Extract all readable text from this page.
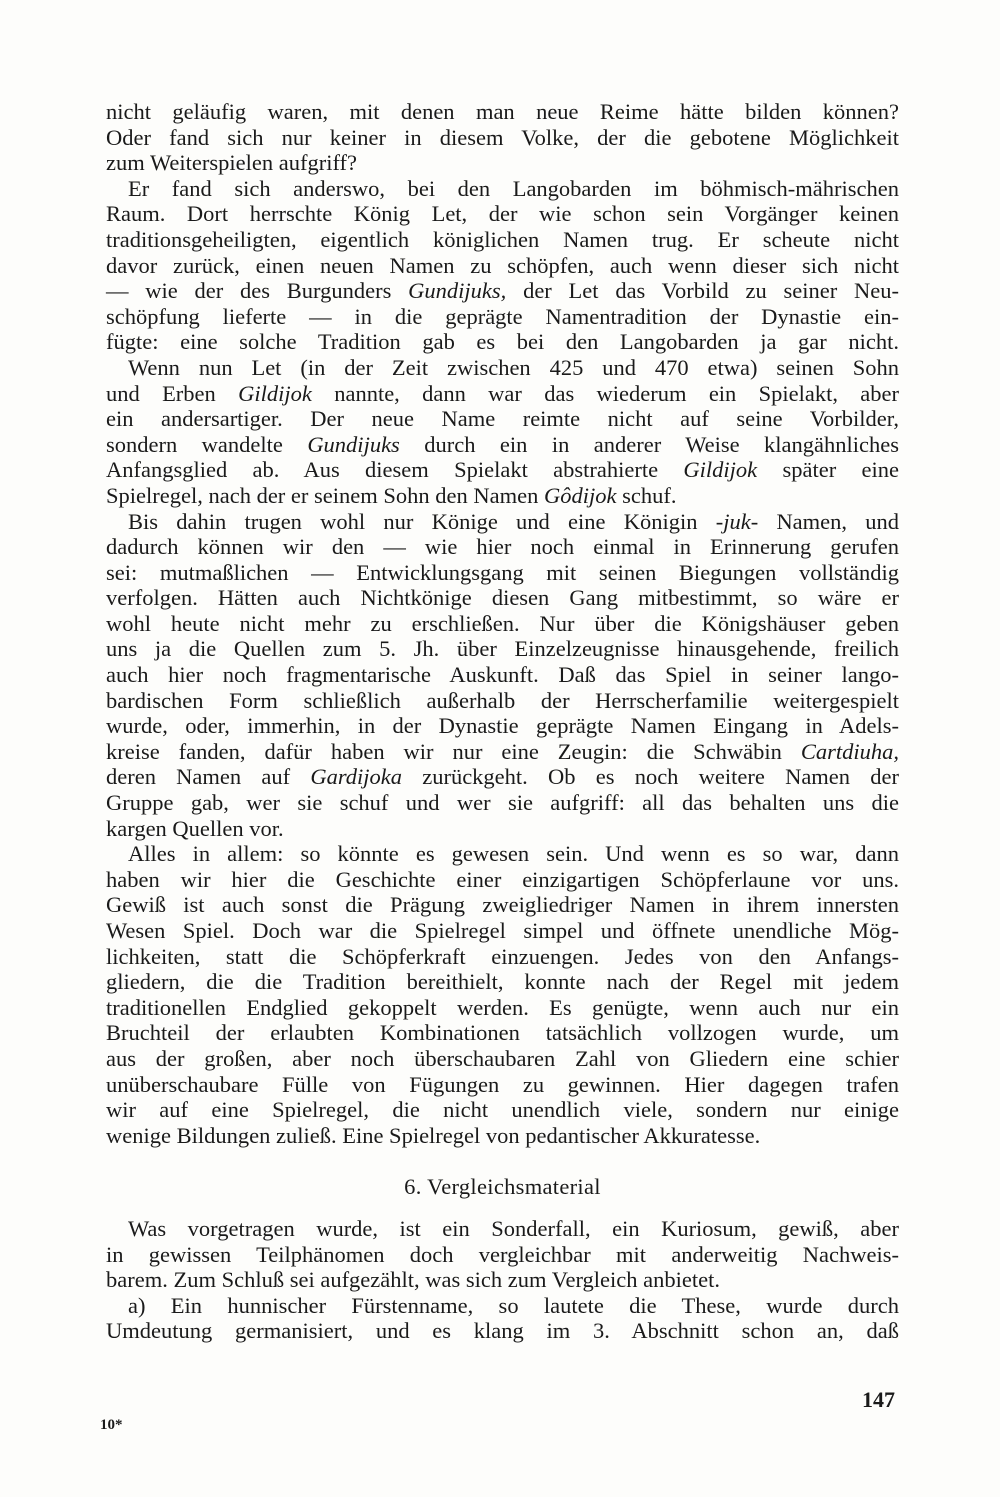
nicht geläufig waren, mit denen man neue Reime hätte bilden können?
Oder fand sich nur keiner in diesem Volke, der die gebotene Möglichkeit
zum Weiterspielen aufgriff?
Er fand sich anderswo, bei den Langobarden im böhmisch-mährischen
Raum. Dort herrschte König Let, der wie schon sein Vorgänger keinen
traditionsgeheiligten, eigentlich königlichen Namen trug. Er scheute nicht
davor zurück, einen neuen Namen zu schöpfen, auch wenn dieser sich nicht
— wie der des Burgunders Gundijuks, der Let das Vorbild zu seiner Neu-
schöpfung lieferte — in die geprägte Namentradition der Dynastie ein-
fügte: eine solche Tradition gab es bei den Langobarden ja gar nicht.
Wenn nun Let (in der Zeit zwischen 425 und 470 etwa) seinen Sohn
und Erben Gildijok nannte, dann war das wiederum ein Spielakt, aber
ein andersartiger. Der neue Name reimte nicht auf seine Vorbilder,
sondern wandelte Gundijuks durch ein in anderer Weise klangähnliches
Anfangsglied ab. Aus diesem Spielakt abstrahierte Gildijok später eine
Spielregel, nach der er seinem Sohn den Namen Gôdijok schuf.
Bis dahin trugen wohl nur Könige und eine Königin -juk- Namen, und
dadurch können wir den — wie hier noch einmal in Erinnerung gerufen
sei: mutmaßlichen — Entwicklungsgang mit seinen Biegungen vollständig
verfolgen. Hätten auch Nichtkönige diesen Gang mitbestimmt, so wäre er
wohl heute nicht mehr zu erschließen. Nur über die Königshäuser geben
uns ja die Quellen zum 5. Jh. über Einzelzeugnisse hinausgehende, freilich
auch hier noch fragmentarische Auskunft. Daß das Spiel in seiner lango-
bardischen Form schließlich außerhalb der Herrscherfamilie weitergespielt
wurde, oder, immerhin, in der Dynastie geprägte Namen Eingang in Adels-
kreise fanden, dafür haben wir nur eine Zeugin: die Schwäbin Cartdiuha,
deren Namen auf Gardijoka zurückgeht. Ob es noch weitere Namen der
Gruppe gab, wer sie schuf und wer sie aufgriff: all das behalten uns die
kargen Quellen vor.
Alles in allem: so könnte es gewesen sein. Und wenn es so war, dann
haben wir hier die Geschichte einer einzigartigen Schöpferlaune vor uns.
Gewiß ist auch sonst die Prägung zweigliedriger Namen in ihrem innersten
Wesen Spiel. Doch war die Spielregel simpel und öffnete unendliche Mög-
lichkeiten, statt die Schöpferkraft einzuengen. Jedes von den Anfangs-
gliedern, die die Tradition bereithielt, konnte nach der Regel mit jedem
traditionellen Endglied gekoppelt werden. Es genügte, wenn auch nur ein
Bruchteil der erlaubten Kombinationen tatsächlich vollzogen wurde, um
aus der großen, aber noch überschaubaren Zahl von Gliedern eine schier
unüberschaubare Fülle von Fügungen zu gewinnen. Hier dagegen trafen
wir auf eine Spielregel, die nicht unendlich viele, sondern nur einige
wenige Bildungen zuließ. Eine Spielregel von pedantischer Akkuratesse.
6. Vergleichsmaterial
Was vorgetragen wurde, ist ein Sonderfall, ein Kuriosum, gewiß, aber
in gewissen Teilphänomen doch vergleichbar mit anderweitig Nachweis-
barem. Zum Schluß sei aufgezählt, was sich zum Vergleich anbietet.
a) Ein hunnischer Fürstenname, so lautete die These, wurde durch
Umdeutung germanisiert, und es klang im 3. Abschnitt schon an, daß
147
10*
